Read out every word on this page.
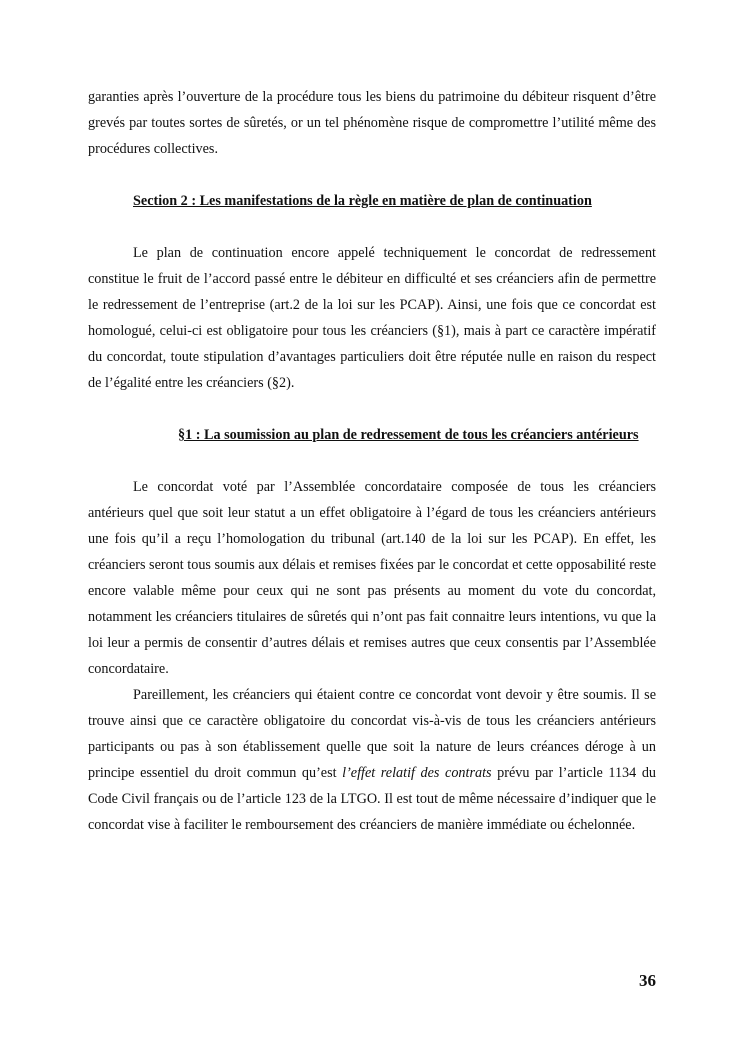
garanties après l’ouverture de la procédure tous les biens du patrimoine du débiteur risquent d’être grevés par toutes sortes de sûretés, or un tel phénomène risque de compromettre l’utilité même des procédures collectives.

Section 2 : Les manifestations de la règle en matière de plan de continuation

Le plan de continuation encore appelé techniquement le concordat de redressement constitue le fruit de l’accord passé entre le débiteur en difficulté et ses créanciers afin de permettre le redressement de l’entreprise (art.2 de la loi sur les PCAP). Ainsi, une fois que ce concordat est homologué, celui-ci est obligatoire pour tous les créanciers (§1), mais à part ce caractère impératif du concordat, toute stipulation d’avantages particuliers doit être réputée nulle en raison du respect de l’égalité entre les créanciers (§2).

§1 : La soumission au plan de redressement de tous les créanciers antérieurs

Le concordat voté par l’Assemblée concordataire composée de tous les créanciers antérieurs quel que soit leur statut a un effet obligatoire à l’égard de tous les créanciers antérieurs une fois qu’il a reçu l’homologation du tribunal (art.140 de la loi sur les PCAP). En effet, les créanciers seront tous soumis aux délais et remises fixées par le concordat et cette opposabilité reste encore valable même pour ceux qui ne sont pas présents au moment du vote du concordat, notamment les créanciers titulaires de sûretés qui n’ont pas fait connaitre leurs intentions, vu que la loi leur a permis de consentir d’autres délais et remises autres que ceux consentis par l’Assemblée concordataire.

Pareillement, les créanciers qui étaient contre ce concordat vont devoir y être soumis. Il se trouve ainsi que ce caractère obligatoire du concordat vis-à-vis de tous les créanciers antérieurs participants ou pas à son établissement quelle que soit la nature de leurs créances déroge à un principe essentiel du droit commun qu’est l’effet relatif des contrats prévu par l’article 1134 du Code Civil français ou de l’article 123 de la LTGO. Il est tout de même nécessaire d’indiquer que le concordat vise à faciliter le remboursement des créanciers de manière immédiate ou échelonnée.

36
